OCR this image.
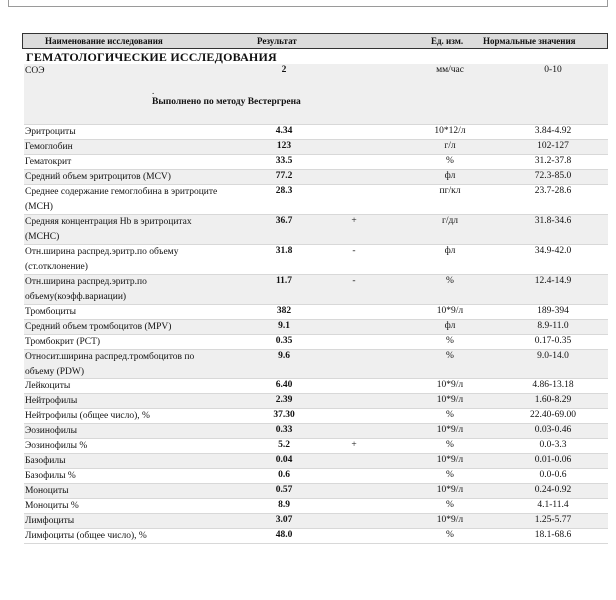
Наименование исследования	Результат	Ед. изм. Нормальные значения
ГЕМАТОЛОГИЧЕСКИЕ ИССЛЕДОВАНИЯ
СОЭ	2	мм/час	0-10
Эритроциты	4.34	10*12/л	3.84-4.92
Гемоглобин	123	г/л	102-127
Гематокрит	33.5	%	31.2-37.8
Средний объем эритроцитов (MCV)	77.2	фл	72.3-85.0
Среднее содержание гемоглобина в эритроците (MCH)
28.3	пг/кл	23.7-28.6
Средняя концентрация Hb в эритроцитах (MCHC)
36.7	+	г/дл	31.8-34.6
Отн.ширина распред.эритр.по объему (ст.отклонение)
31.8	-	фл	34.9-42.0
Отн.ширина распред.эритр.по объему(коэфф.вариации)
11.7	-	%	12.4-14.9
Тромбоциты	382	10*9/л	189-394
Средний объем тромбоцитов (MPV)	9.1	фл	8.9-11.0
Тромбокрит (PCT)	0.35	%	0.17-0.35
Относит.ширина распред.тромбоцитов по объему (PDW)
9.6	%	9.0-14.0
Лейкоциты	6.40	10*9/л	4.86-13.18
Нейтрофилы	2.39	10*9/л	1.60-8.29
Нейтрофилы (общее число), %	37.30	%	22.40-69.00
Эозинофилы	0.33	10*9/л	0.03-0.46
Эозинофилы %	5.2	+	%	0.0-3.3
Базофилы	0.04	10*9/л	0.01-0.06
Базофилы %	0.6	%	0.0-0.6
Моноциты	0.57	10*9/л	0.24-0.92
Моноциты %	8.9	%	4.1-11.4
Лимфоциты	3.07	10*9/л	1.25-5.77
Лимфоциты (общее число), %	48.0	%	18.1-68.6
.
Выполнено по методу Вестергрена
